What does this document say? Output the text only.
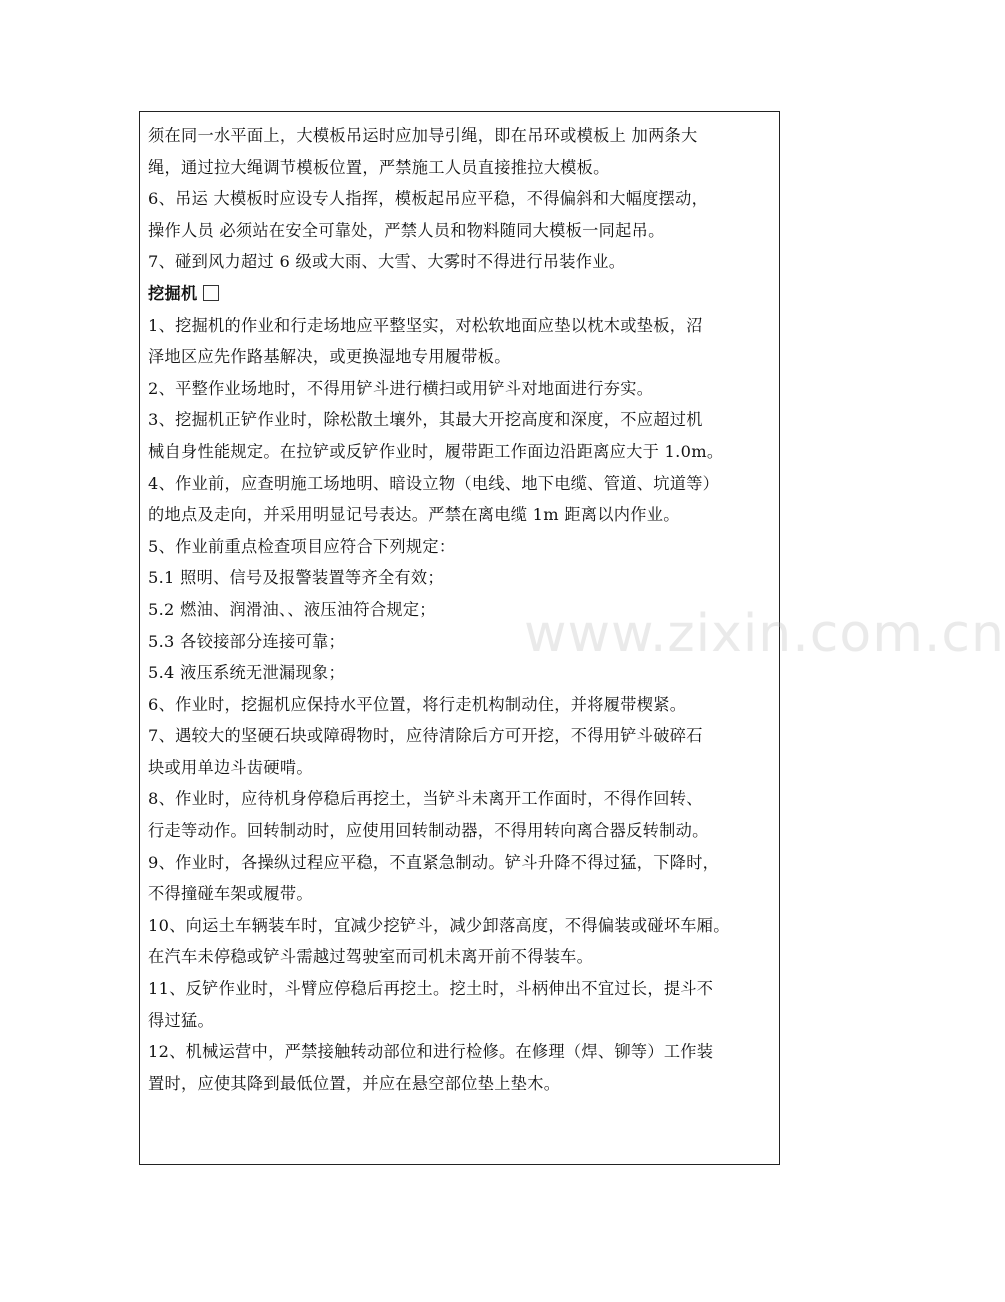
须在同一水平面上，大模板吊运时应加导引绳，即在吊环或模板上 加两条大
绳，通过拉大绳调节模板位置，严禁施工人员直接推拉大模板。
6、吊运 大模板时应设专人指挥，模板起吊应平稳，不得偏斜和大幅度摆动，
操作人员 必须站在安全可靠处，严禁人员和物料随同大模板一同起吊。
7、碰到风力超过 6 级或大雨、大雪、大雾时不得进行吊装作业。
挖掘机
1、挖掘机的作业和行走场地应平整坚实，对松软地面应垫以枕木或垫板，沼
泽地区应先作路基解决，或更换湿地专用履带板。
2、平整作业场地时，不得用铲斗进行横扫或用铲斗对地面进行夯实。
3、挖掘机正铲作业时，除松散土壤外，其最大开挖高度和深度，不应超过机
械自身性能规定。在拉铲或反铲作业时，履带距工作面边沿距离应大于 1.0m。
4、作业前，应查明施工场地明、暗设立物（电线、地下电缆、管道、坑道等）
的地点及走向，并采用明显记号表达。严禁在离电缆 1m 距离以内作业。
5、作业前重点检查项目应符合下列规定：
5.1 照明、信号及报警装置等齐全有效；
5.2 燃油、润滑油、、液压油符合规定；
5.3 各铰接部分连接可靠；
5.4 液压系统无泄漏现象；
6、作业时，挖掘机应保持水平位置，将行走机构制动住，并将履带楔紧。
7、遇较大的坚硬石块或障碍物时，应待清除后方可开挖，不得用铲斗破碎石
块或用单边斗齿硬啃。
8、作业时，应待机身停稳后再挖土，当铲斗未离开工作面时，不得作回转、
行走等动作。回转制动时，应使用回转制动器，不得用转向离合器反转制动。
9、作业时，各操纵过程应平稳，不直紧急制动。铲斗升降不得过猛，下降时，
不得撞碰车架或履带。
10、向运土车辆装车时，宜减少挖铲斗，减少卸落高度，不得偏装或碰坏车厢。
在汽车未停稳或铲斗需越过驾驶室而司机未离开前不得装车。
11、反铲作业时，斗臂应停稳后再挖土。挖土时，斗柄伸出不宜过长，提斗不
得过猛。
12、机械运营中，严禁接触转动部位和进行检修。在修理（焊、铆等）工作装
置时，应使其降到最低位置，并应在悬空部位垫上垫木。
www.zixin.com.cn
